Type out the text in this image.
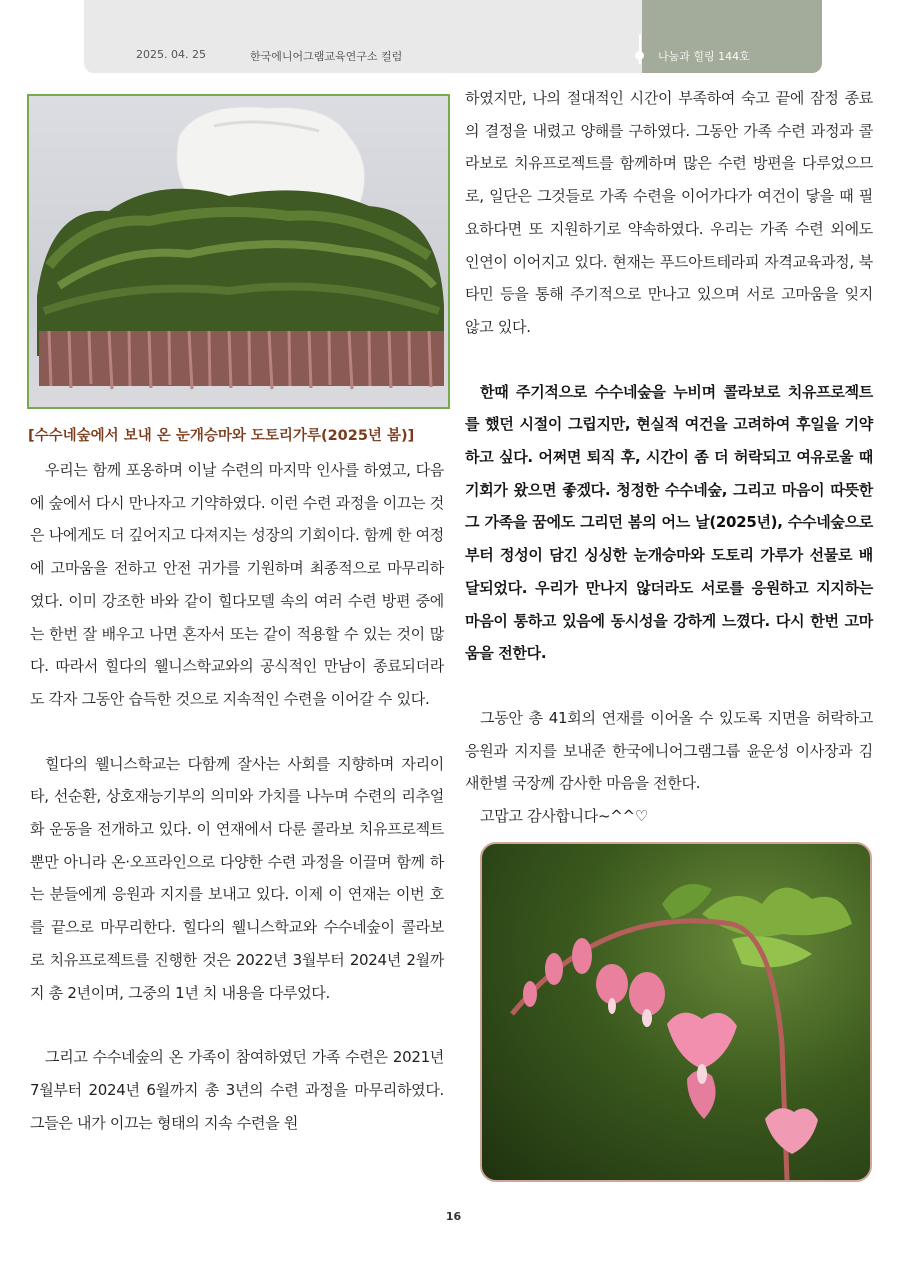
2025. 04. 25	한국에니어그램교육연구소 컬럼	나눔과 힐링 144호
[수수네숲에서 보내 온 눈개승마와 도토리가루(2025년 봄)]

우리는 함께 포옹하며 이날 수련의 마지막 인사를 하였고, 다음에 숲에서 다시 만나자고 기약하였다. 이런 수련 과정을 이끄는 것은 나에게도 더 깊어지고 다져지는 성장의 기회이다. 함께 한 여정에 고마움을 전하고 안전 귀가를 기원하며 최종적으로 마무리하였다. 이미 강조한 바와 같이 힐다모델 속의 여러 수련 방편 중에는 한번 잘 배우고 나면 혼자서 또는 같이 적용할 수 있는 것이 많다. 따라서 힐다의 웰니스학교와의 공식적인 만남이 종료되더라도 각자 그동안 습득한 것으로 지속적인 수련을 이어갈 수 있다.

힐다의 웰니스학교는 다함께 잘사는 사회를 지향하며 자리이타, 선순환, 상호재능기부의 의미와 가치를 나누며 수련의 리추얼화 운동을 전개하고 있다. 이 연재에서 다룬 콜라보 치유프로젝트뿐만 아니라 온·오프라인으로 다양한 수련 과정을 이끌며 함께 하는 분들에게 응원과 지지를 보내고 있다. 이제 이 연재는 이번 호를 끝으로 마무리한다. 힐다의 웰니스학교와 수수네숲이 콜라보로 치유프로젝트를 진행한 것은 2022년 3월부터 2024년 2월까지 총 2년이며, 그중의 1년 치 내용을 다루었다.

그리고 수수네숲의 온 가족이 참여하였던 가족 수련은 2021년 7월부터 2024년 6월까지 총 3년의 수련 과정을 마무리하였다. 그들은 내가 이끄는 형태의 지속 수련을 원

하였지만, 나의 절대적인 시간이 부족하여 숙고 끝에 잠정 종료의 결정을 내렸고 양해를 구하였다. 그동안 가족 수련 과정과 콜라보로 치유프로젝트를 함께하며 많은 수련 방편을 다루었으므로, 일단은 그것들로 가족 수련을 이어가다가 여건이 닿을 때 필요하다면 또 지원하기로 약속하였다. 우리는 가족 수련 외에도 인연이 이어지고 있다. 현재는 푸드아트테라피 자격교육과정, 북타민 등을 통해 주기적으로 만나고 있으며 서로 고마움을 잊지 않고 있다.

한때 주기적으로 수수네숲을 누비며 콜라보로 치유프로젝트를 했던 시절이 그립지만, 현실적 여건을 고려하여 후일을 기약하고 싶다. 어쩌면 퇴직 후, 시간이 좀 더 허락되고 여유로울 때 기회가 왔으면 좋겠다. 청정한 수수네숲, 그리고 마음이 따뜻한 그 가족을 꿈에도 그리던 봄의 어느 날(2025년), 수수네숲으로부터 정성이 담긴 싱싱한 눈개승마와 도토리 가루가 선물로 배달되었다. 우리가 만나지 않더라도 서로를 응원하고 지지하는 마음이 통하고 있음에 동시성을 강하게 느꼈다. 다시 한번 고마움을 전한다.

그동안 총 41회의 연재를 이어올 수 있도록 지면을 허락하고 응원과 지지를 보내준 한국에니어그램그룹 윤운성 이사장과 김새한별 국장께 감사한 마음을 전한다.

고맙고 감사합니다~^^♡

16
